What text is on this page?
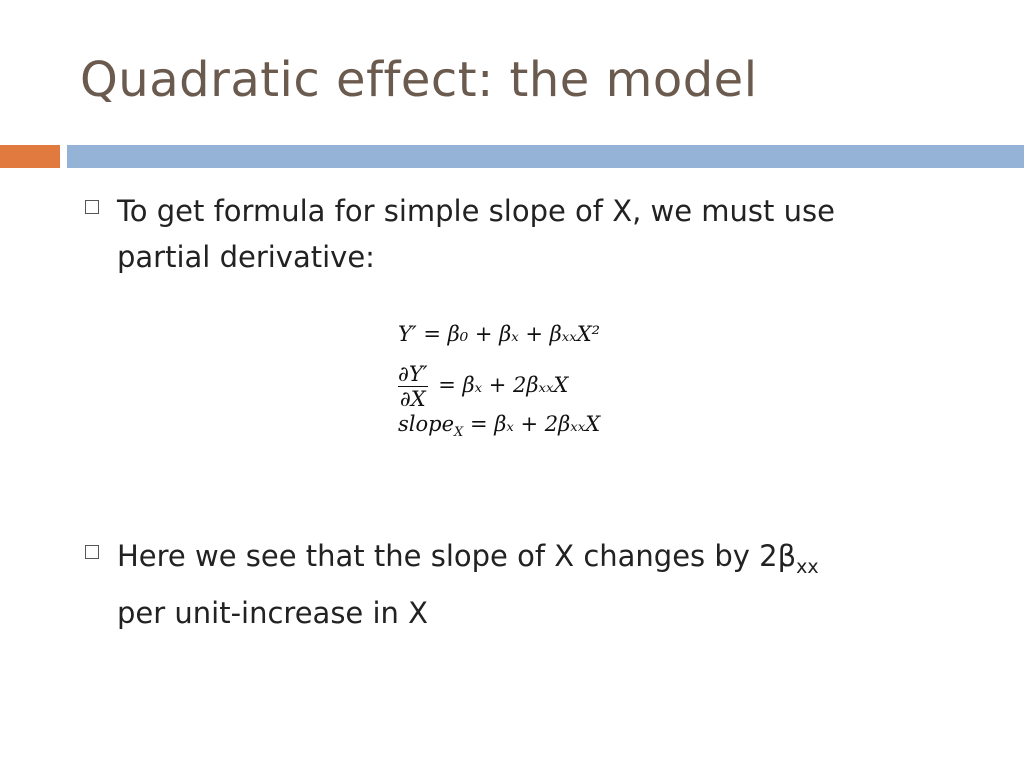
Quadratic effect: the model
To get formula for simple slope of X, we must use partial derivative:
Y′ = β₀ + βₓ + βₓₓX²
$\frac{\partial Y'}{\partial X} = \beta_x + 2\beta_{xx}X$
slope$_X$ = βₓ + 2βₓₓX
Here we see that the slope of X changes by $2\beta_{xx}$
per unit-increase in X
